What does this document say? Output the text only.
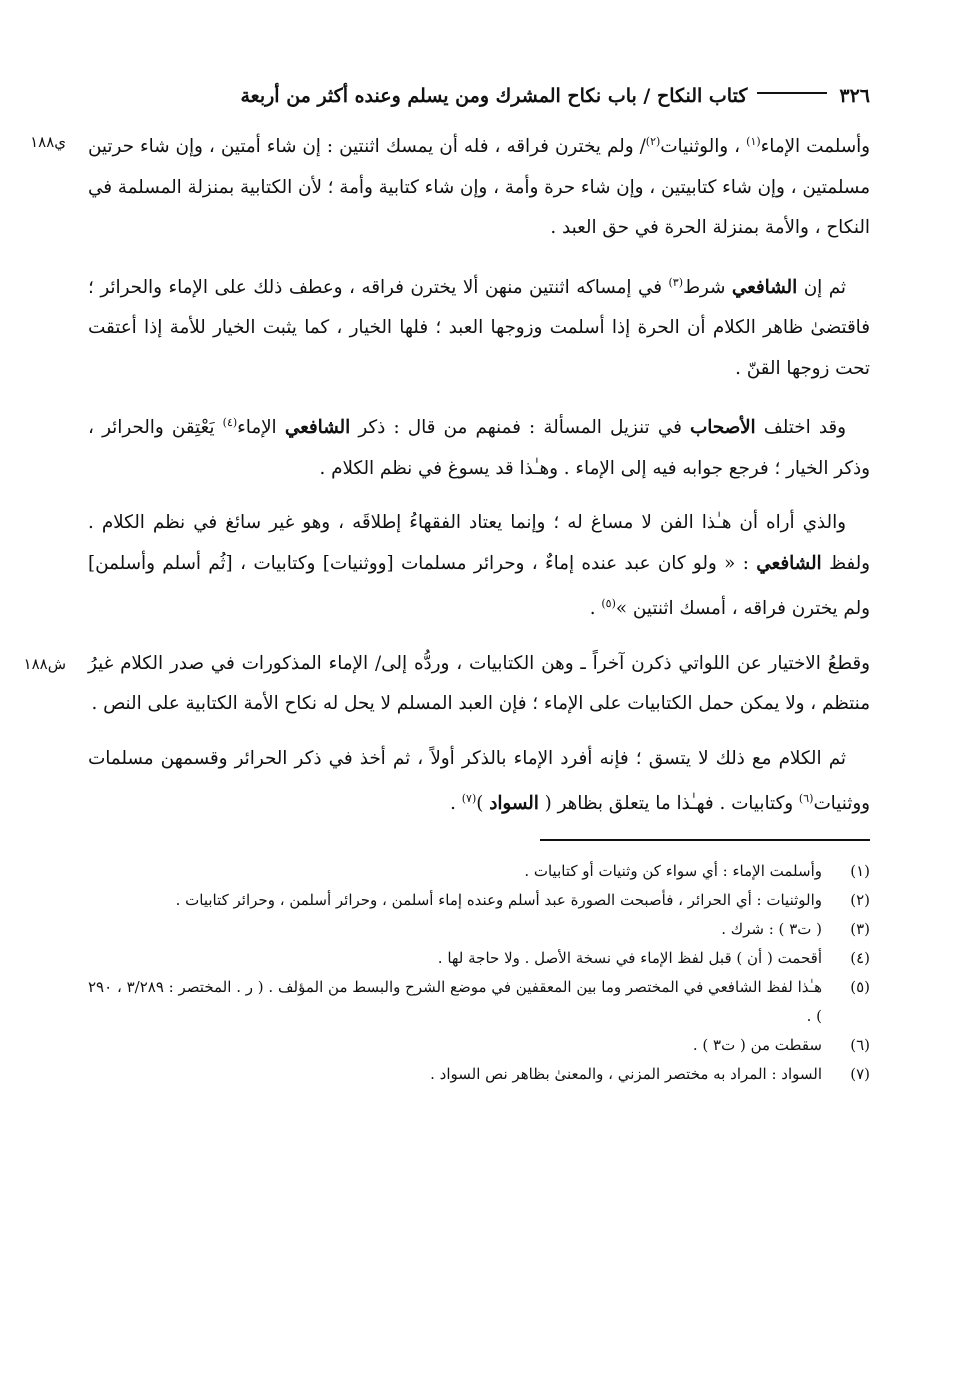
٣٢٦
كتاب النكاح / باب نكاح المشرك ومن يسلم وعنده أكثر من أربعة

ي١٨٨	وأسلمت الإماء$^{(١)}$ ، والوثنيات$^{(٢)}$/ ولم يخترن فراقه ، فله أن يمسك اثنتين : إن شاء أمتين ، وإن شاء حرتين مسلمتين ، وإن شاء كتابيتين ، وإن شاء حرة وأمة ، وإن شاء كتابية وأمة ؛ لأن الكتابية بمنزلة المسلمة في النكاح ، والأمة بمنزلة الحرة في حق العبد .

ثم إن الشافعي شرط$^{(٣)}$ في إمساكه اثنتين منهن ألا يخترن فراقه ، وعطف ذلك على الإماء والحرائر ؛ فاقتضىٰ ظاهر الكلام أن الحرة إذا أسلمت وزوجها العبد ؛ فلها الخيار ، كما يثبت الخيار للأمة إذا أعتقت تحت زوجها القنّ .

وقد اختلف الأصحاب في تنزيل المسألة : فمنهم من قال : ذكر الشافعي الإماء$^{(٤)}$ يَعْتِقن والحرائر ، وذكر الخيار ؛ فرجع جوابه فيه إلى الإماء . وهـٰذا قد يسوغ في نظم الكلام .

والذي أراه أن هـٰذا الفن لا مساغ له ؛ وإنما يعتاد الفقهاءُ إطلاقَه ، وهو غير سائغ في نظم الكلام . ولفظ الشافعي : « ولو كان عبد عنده إماءٌ ، وحرائر مسلمات [ووثنيات] وكتابيات ، [ثُم أسلم وأسلمن] ولم يخترن فراقه ، أمسك اثنتين »$^{(٥)}$ .

ش١٨٨ وقطعُ الاختيار عن اللواتي ذكرن آخراً ـ وهن الكتابيات ، وردُّه إلى/ الإماء المذكورات في صدر الكلام غيرُ منتظم ، ولا يمكن حمل الكتابيات على الإماء ؛ فإن العبد المسلم لا يحل له نكاح الأمة الكتابية على النص .

ثم الكلام مع ذلك لا يتسق ؛ فإنه أفرد الإماء بالذكر أولاً ، ثم أخذ في ذكر الحرائر وقسمهن مسلمات ووثنيات$^{(٦)}$ وكتابيات . فهـٰذا ما يتعلق بظاهر ( السواد )$^{(٧)}$ .

(١)
وأسلمت الإماء : أي سواء كن وثنيات أو كتابيات .
(٢)
والوثنيات : أي الحرائر ، فأصبحت الصورة عبد أسلم وعنده إماء أسلمن ، وحرائر أسلمن ، وحرائر كتابيات .
(٣)
( ت٣ ) : شرك .
(٤)
أقحمت ( أن ) قبل لفظ الإماء في نسخة الأصل . ولا حاجة لها .
(٥)
هـٰذا لفظ الشافعي في المختصر وما بين المعقفين في موضع الشرح والبسط من المؤلف . ( ر . المختصر : ٣/٢٨٩ ، ٢٩٠ ) .
(٦)
سقطت من ( ت٣ ) .
(٧)
السواد : المراد به مختصر المزني ، والمعنىٰ بظاهر نص السواد .
